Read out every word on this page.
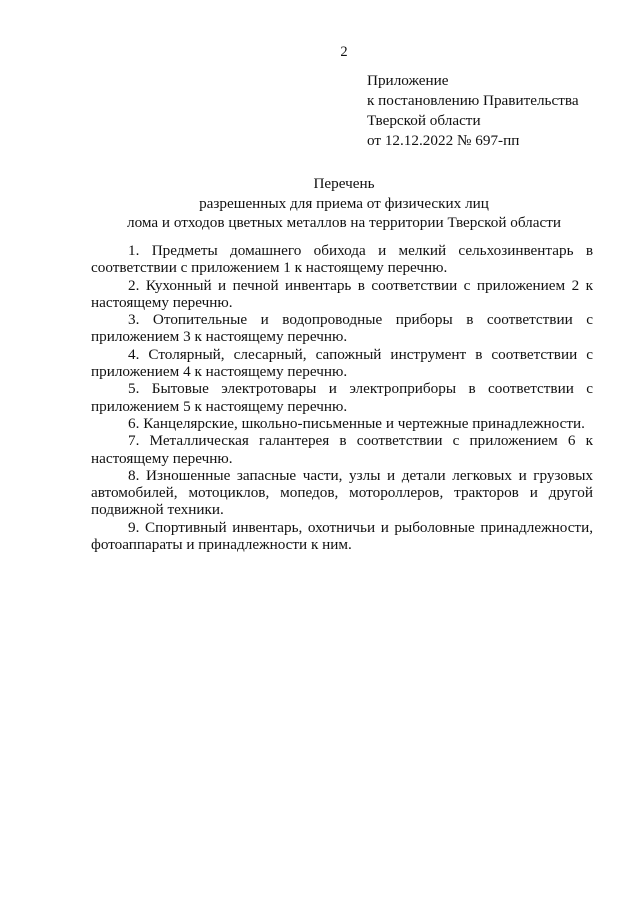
2
Приложение
к постановлению Правительства
Тверской области
от 12.12.2022 № 697-пп
Перечень
разрешенных для приема от физических лиц
лома и отходов цветных металлов на территории Тверской области

1. Предметы домашнего обихода и мелкий сельхозинвентарь в соответствии с приложением 1 к настоящему перечню.

2. Кухонный и печной инвентарь в соответствии с приложением 2 к настоящему перечню.

3. Отопительные и водопроводные приборы в соответствии с приложением 3 к настоящему перечню.

4. Столярный, слесарный, сапожный инструмент в соответствии с приложением 4 к настоящему перечню.

5. Бытовые электротовары и электроприборы в соответствии с приложением 5 к настоящему перечню.

6. Канцелярские, школьно-письменные и чертежные принадлежности.

7. Металлическая галантерея в соответствии с приложением 6 к настоящему перечню.

8. Изношенные запасные части, узлы и детали легковых и грузовых автомобилей, мотоциклов, мопедов, мотороллеров, тракторов и другой подвижной техники.

9. Спортивный инвентарь, охотничьи и рыболовные принадлежности, фотоаппараты и принадлежности к ним.
